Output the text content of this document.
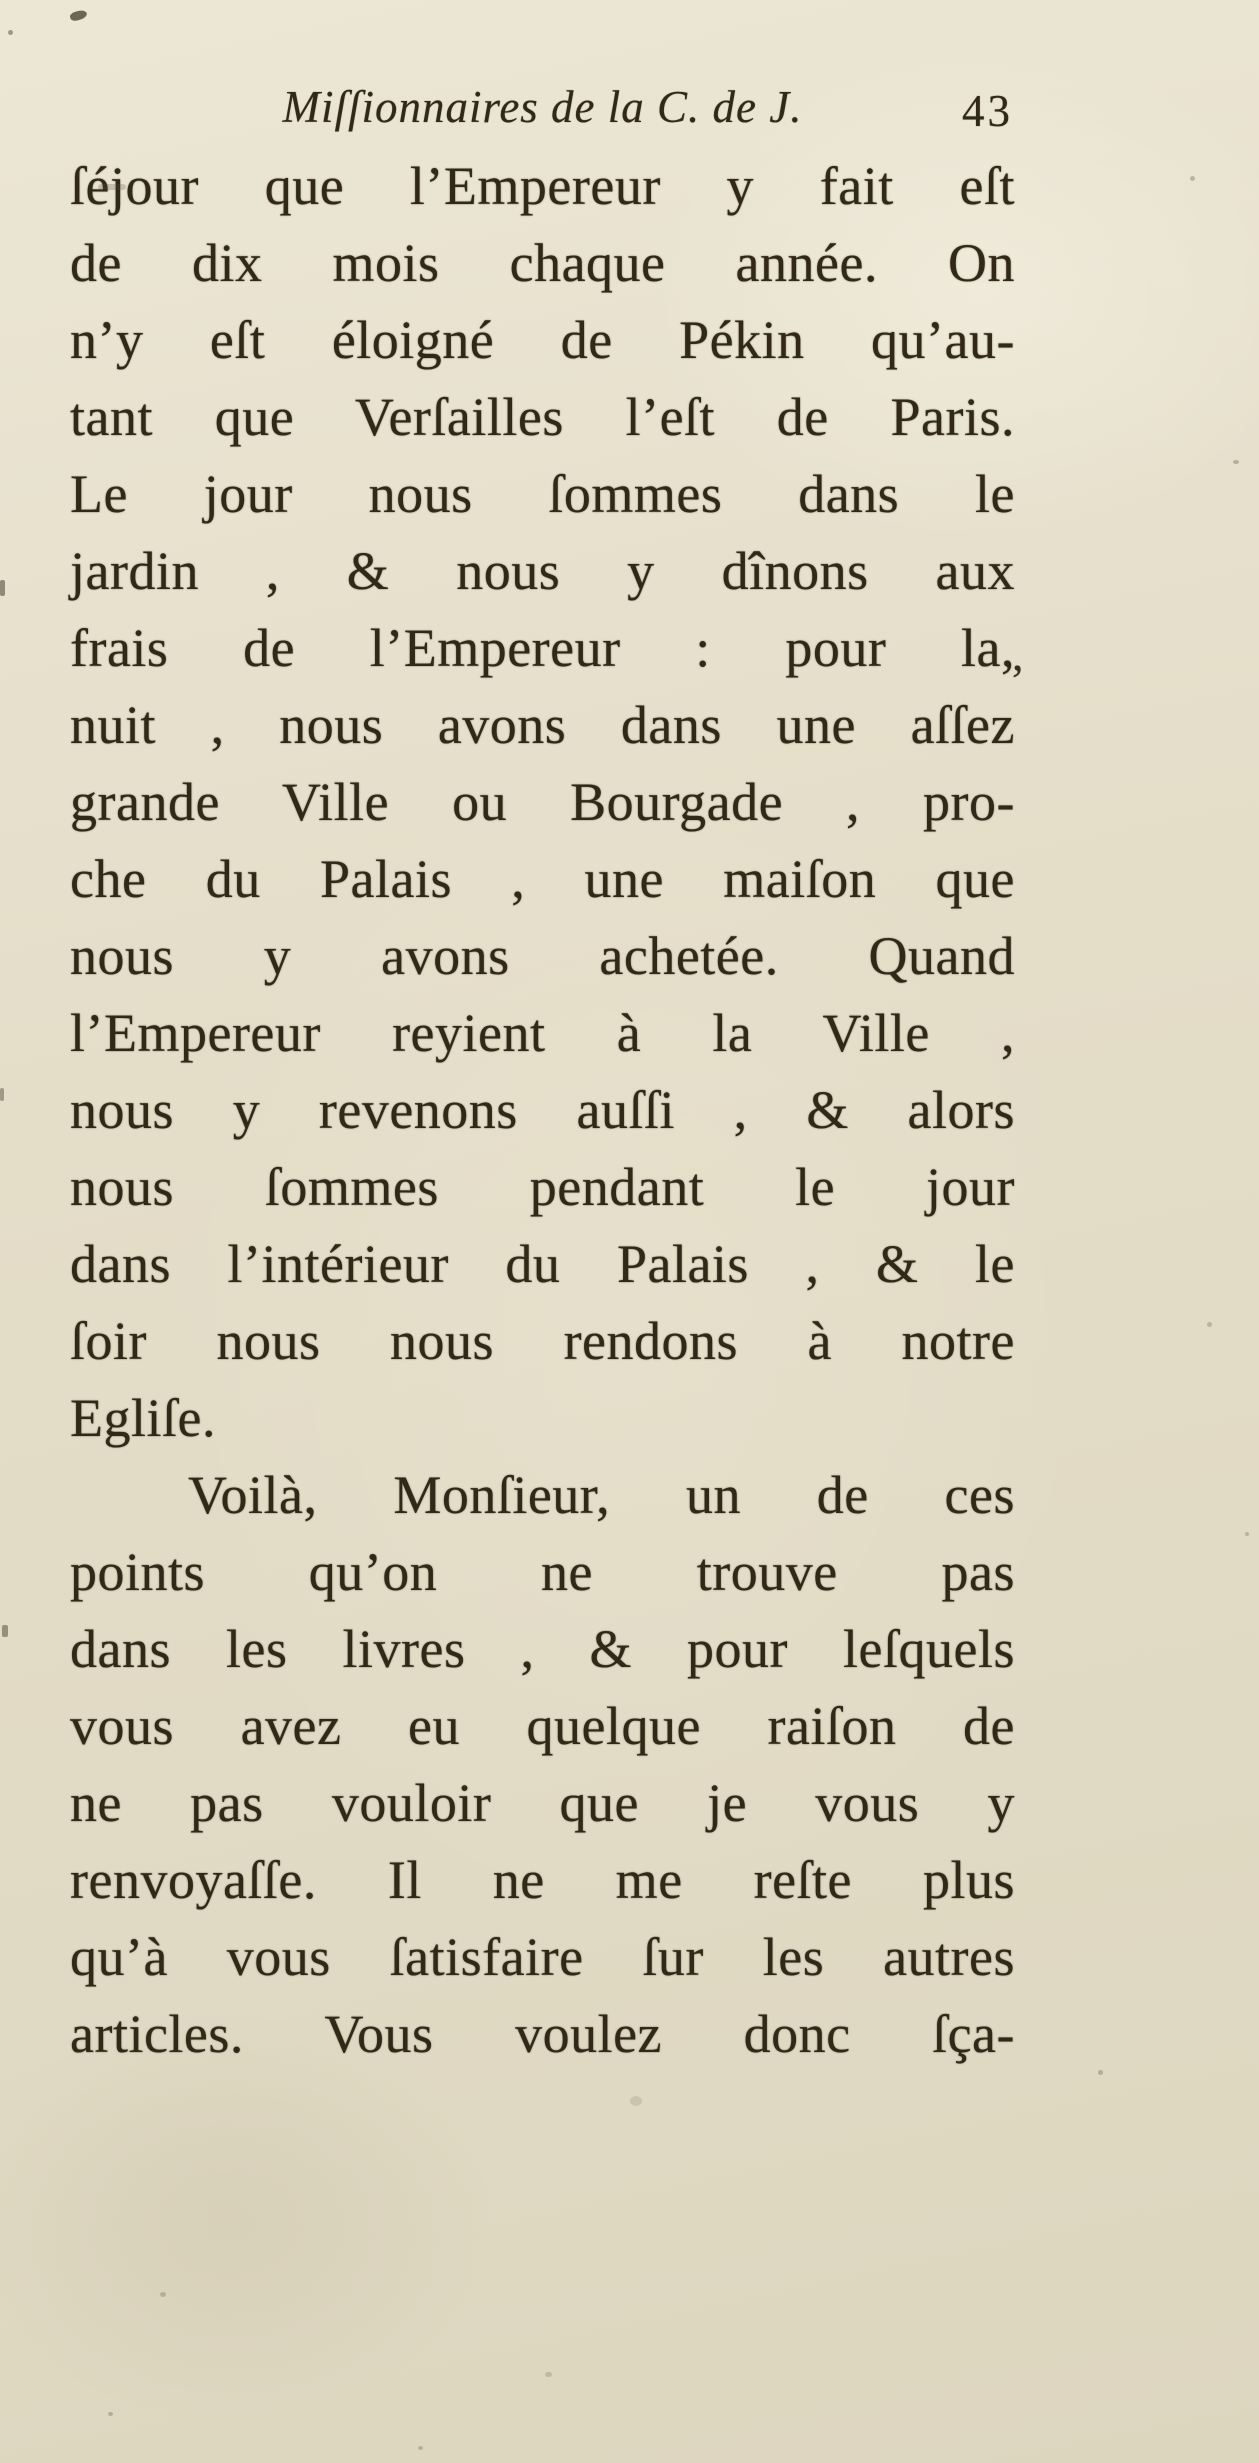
Miſſionnaires de la C. de J.	43
ſéjour que l’Empereur y fait eſt
de dix mois chaque année. On
n’y eſt éloigné de Pékin qu’au-
tant que Verſailles l’eſt de Paris.
Le jour nous ſommes dans le
jardin , & nous y dînons aux
frais de l’Empereur : pour la,
nuit , nous avons dans une aſſez
grande Ville ou Bourgade , pro-
che du Palais , une maiſon que
nous y avons achetée. Quand
l’Empereur reyient à la Ville ,
nous y revenons auſſi , & alors
nous ſommes pendant le jour
dans l’intérieur du Palais , & le
ſoir nous nous rendons à notre
Egliſe.
Voilà, Monſieur, un de ces
points qu’on ne trouve pas
dans les livres , & pour leſquels
vous avez eu quelque raiſon de
ne pas vouloir que je vous y
renvoyaſſe. Il ne me reſte plus
qu’à vous ſatisfaire ſur les autres
articles. Vous voulez donc ſça-
,
